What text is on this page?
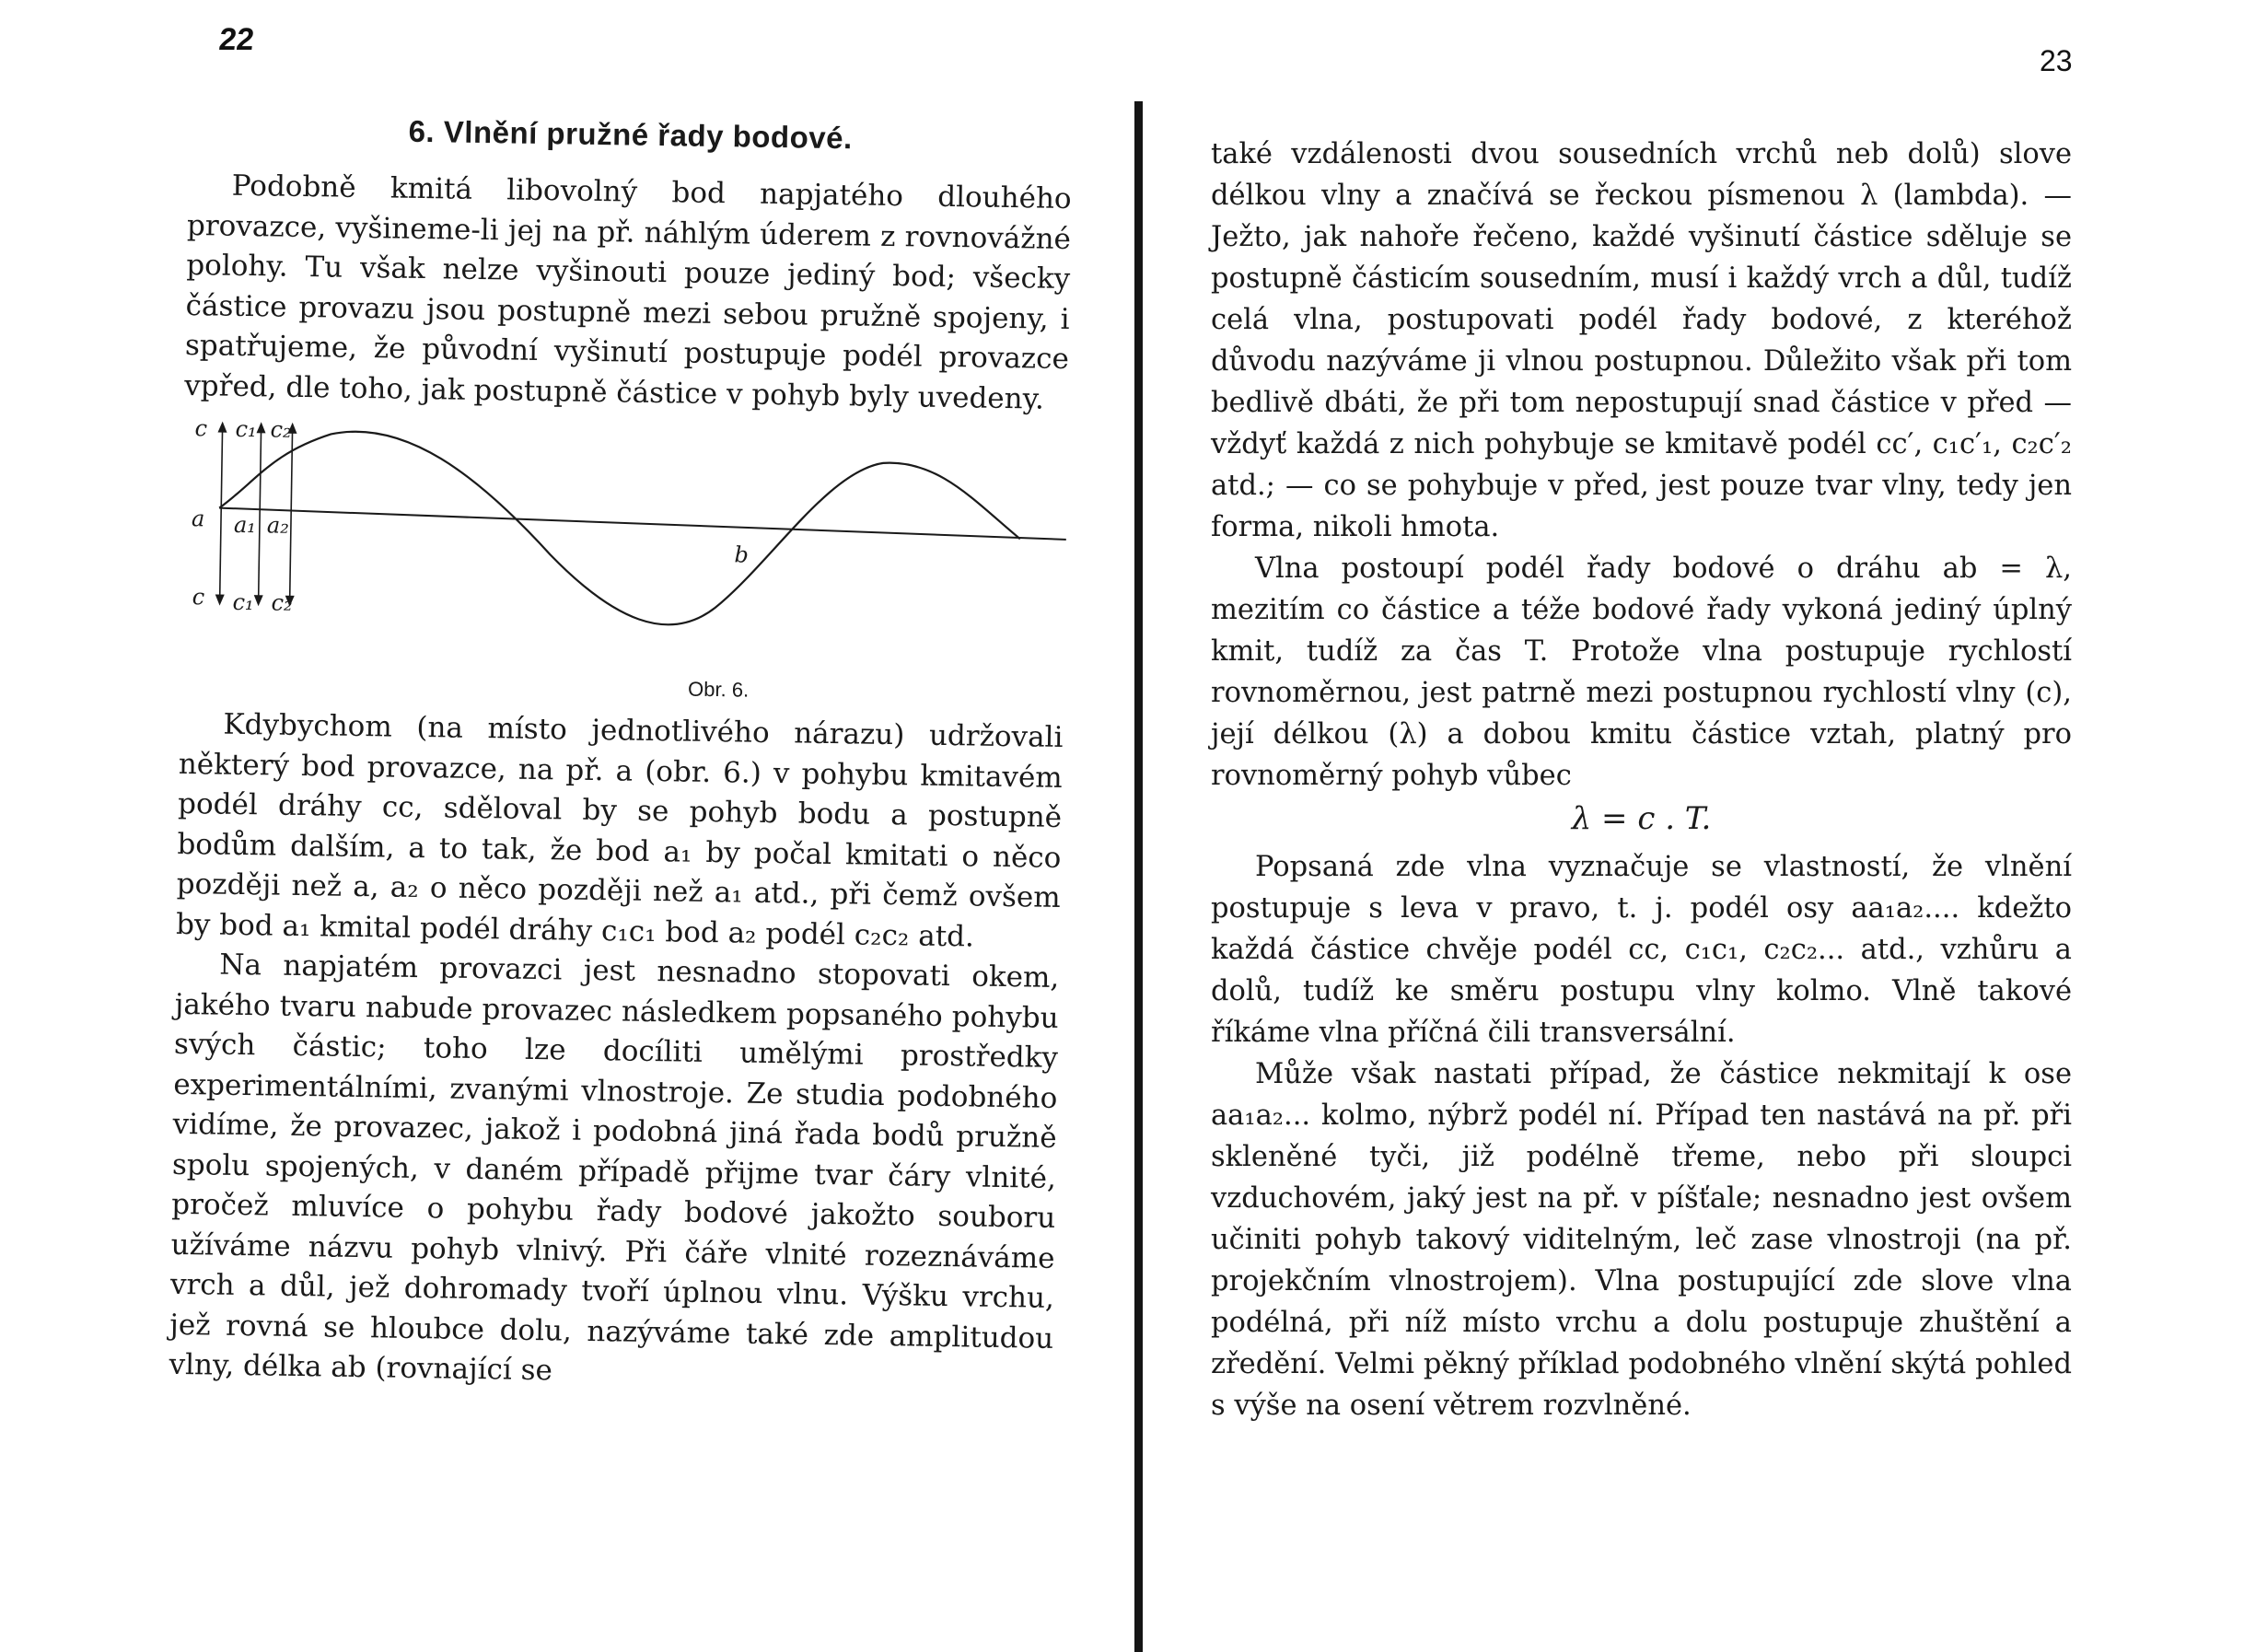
22
23
6. Vlnění pružné řady bodové.

Podobně kmitá libovolný bod napjatého dlouhého provazce, vyšineme-li jej na př. náhlým úderem z rovnovážné polohy. Tu však nelze vyšinouti pouze jediný bod; všecky částice provazu jsou postupně mezi sebou pružně spojeny, i spatřujeme, že původní vyšinutí postupuje podél provazce vpřed, dle toho, jak postupně částice v pohyb byly uvedeny.

c c₁ c₂
a a₁ a₂
b
c c₁ c₂
Obr. 6.

Kdybychom (na místo jednotlivého nárazu) udržovali některý bod provazce, na př. a (obr. 6.) v pohybu kmitavém podél dráhy cc, sděloval by se pohyb bodu a postupně bodům dalším, a to tak, že bod a₁ by počal kmitati o něco později než a, a₂ o něco později než a₁ atd., při čemž ovšem by bod a₁ kmital podél dráhy c₁c₁ bod a₂ podél c₂c₂ atd.

Na napjatém provazci jest nesnadno stopovati okem, jakého tvaru nabude provazec následkem popsaného pohybu svých částic; toho lze docíliti umělými prostředky experimentálními, zvanými vlnostroje. Ze studia podobného vidíme, že provazec, jakož i podobná jiná řada bodů pružně spolu spojených, v daném případě přijme tvar čáry vlnité, pročež mluvíce o pohybu řady bodové jakožto souboru užíváme názvu pohyb vlnivý. Při čáře vlnité rozeznáváme vrch a důl, jež dohromady tvoří úplnou vlnu. Výšku vrchu, jež rovná se hloubce dolu, nazýváme také zde amplitudou vlny, délka ab (rovnající se

také vzdálenosti dvou sousedních vrchů neb dolů) slove délkou vlny a značívá se řeckou písmenou λ (lambda). — Ježto, jak nahoře řečeno, každé vyšinutí částice sděluje se postupně částicím sousedním, musí i každý vrch a důl, tudíž celá vlna, postupovati podél řady bodové, z kteréhož důvodu nazýváme ji vlnou postupnou. Důležito však při tom bedlivě dbáti, že při tom nepostupují snad částice v před — vždyť každá z nich pohybuje se kmitavě podél cc′, c₁c′₁, c₂c′₂ atd.; — co se pohybuje v před, jest pouze tvar vlny, tedy jen forma, nikoli hmota.

Vlna postoupí podél řady bodové o dráhu ab = λ, mezitím co částice a téže bodové řady vykoná jediný úplný kmit, tudíž za čas T. Protože vlna postupuje rychlostí rovnoměrnou, jest patrně mezi postupnou rychlostí vlny (c), její délkou (λ) a dobou kmitu částice vztah, platný pro rovnoměrný pohyb vůbec

λ = c . T.

Popsaná zde vlna vyznačuje se vlastností, že vlnění postupuje s leva v pravo, t. j. podél osy aa₁a₂.... kdežto každá částice chvěje podél cc, c₁c₁, c₂c₂... atd., vzhůru a dolů, tudíž ke směru postupu vlny kolmo. Vlně takové říkáme vlna příčná čili transversální.

Může však nastati případ, že částice nekmitají k ose aa₁a₂... kolmo, nýbrž podél ní. Případ ten nastává na př. při skleněné tyči, již podélně třeme, nebo při sloupci vzduchovém, jaký jest na př. v píšťale; nesnadno jest ovšem učiniti pohyb takový viditelným, leč zase vlnostroji (na př. projekčním vlnostrojem). Vlna postupující zde slove vlna podélná, při níž místo vrchu a dolu postupuje zhuštění a zředění. Velmi pěkný příklad podobného vlnění skýtá pohled s výše na osení větrem rozvlněné.
